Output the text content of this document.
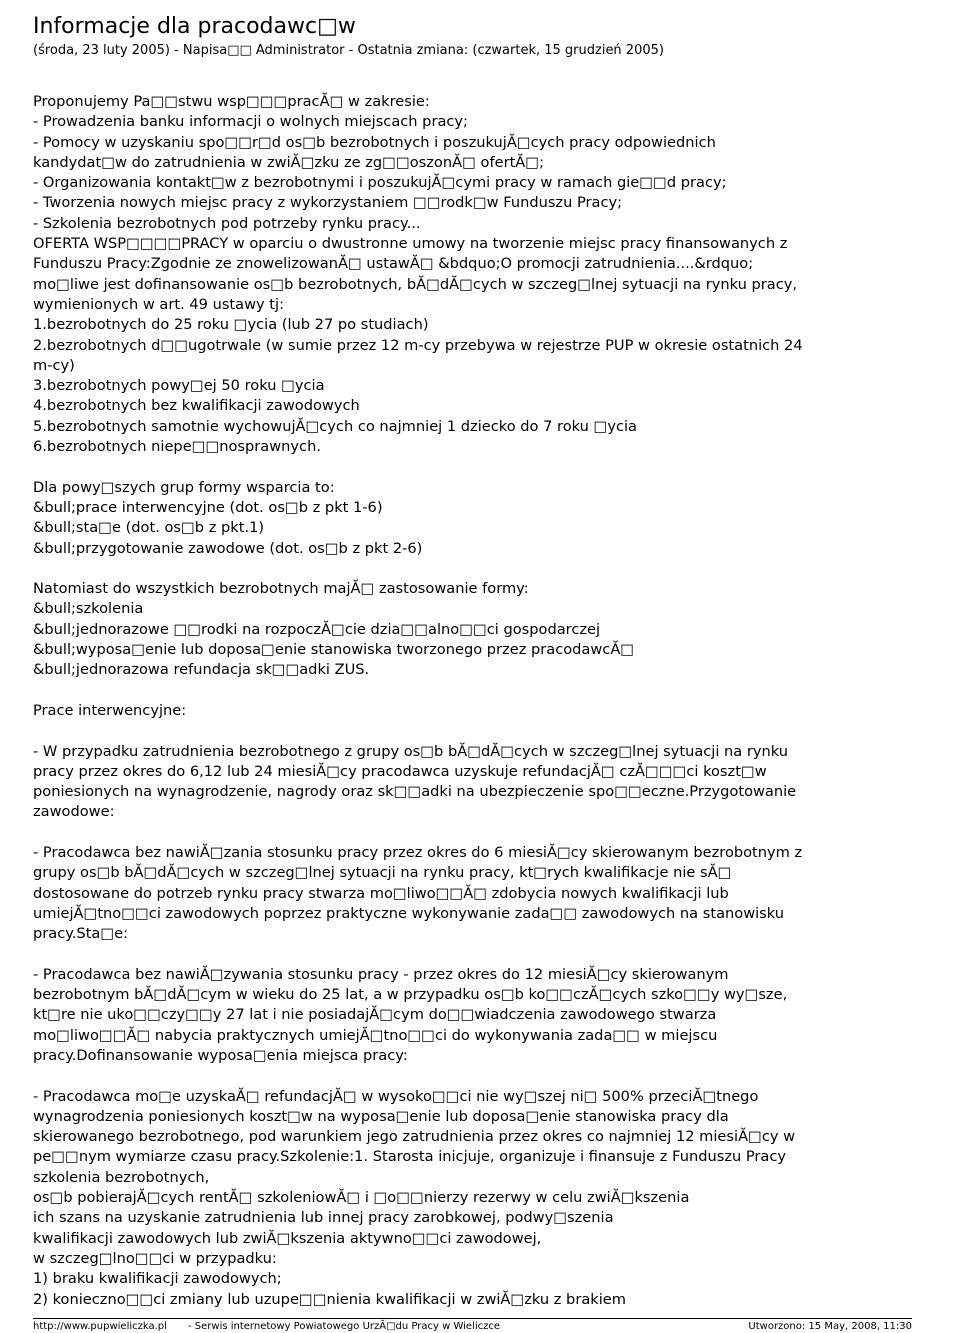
Informacje dla pracodawc□w
(środa, 23 luty 2005) - Napisa□□ Administrator - Ostatnia zmiana: (czwartek, 15 grudzień 2005)
Proponujemy Pa□□stwu wsp□□□pracĂ□ w zakresie:
- Prowadzenia banku informacji o wolnych miejscach pracy;
- Pomocy w uzyskaniu spo□□r□d os□b bezrobotnych i poszukujĂ□cych pracy odpowiednich
kandydat□w do zatrudnienia w zwiĂ□zku ze zg□□oszonĂ□ ofertĂ□;
- Organizowania kontakt□w z bezrobotnymi i poszukujĂ□cymi pracy w ramach gie□□d pracy;
- Tworzenia nowych miejsc pracy z wykorzystaniem □□rodk□w Funduszu Pracy;
- Szkolenia bezrobotnych pod potrzeby rynku pracy...
OFERTA WSP□□□□PRACY w oparciu o dwustronne umowy na tworzenie miejsc pracy finansowanych z
Funduszu Pracy:Zgodnie ze znowelizowanĂ□ ustawĂ□ &bdquo;O promocji zatrudnienia....&rdquo;
mo□liwe jest dofinansowanie os□b bezrobotnych, bĂ□dĂ□cych w szczeg□lnej sytuacji na rynku pracy,
wymienionych w art. 49 ustawy tj:
1.bezrobotnych do 25 roku □ycia (lub 27 po studiach)
2.bezrobotnych d□□ugotrwale (w sumie przez 12 m-cy przebywa w rejestrze PUP w okresie ostatnich 24
m-cy)
3.bezrobotnych powy□ej 50 roku □ycia
4.bezrobotnych bez kwalifikacji zawodowych
5.bezrobotnych samotnie wychowujĂ□cych co najmniej 1 dziecko do 7 roku □ycia
6.bezrobotnych niepe□□nosprawnych.
Dla powy□szych grup formy wsparcia to:
&bull;prace interwencyjne (dot. os□b z pkt 1-6)
&bull;sta□e (dot. os□b z pkt.1)
&bull;przygotowanie zawodowe (dot. os□b z pkt 2-6)
Natomiast do wszystkich bezrobotnych majĂ□ zastosowanie formy:
&bull;szkolenia
&bull;jednorazowe □□rodki na rozpoczĂ□cie dzia□□alno□□ci gospodarczej
&bull;wyposa□enie lub doposa□enie stanowiska tworzonego przez pracodawcĂ□
&bull;jednorazowa refundacja sk□□adki ZUS.
Prace interwencyjne:
- W przypadku zatrudnienia bezrobotnego z grupy os□b bĂ□dĂ□cych w szczeg□lnej sytuacji na rynku
pracy przez okres do 6,12 lub 24 miesiĂ□cy pracodawca uzyskuje refundacjĂ□ czĂ□□□ci koszt□w
poniesionych na wynagrodzenie, nagrody oraz sk□□adki na ubezpieczenie spo□□eczne.Przygotowanie
zawodowe:
- Pracodawca bez nawiĂ□zania stosunku pracy przez okres do 6 miesiĂ□cy skierowanym bezrobotnym z
grupy os□b bĂ□dĂ□cych w szczeg□lnej sytuacji na rynku pracy, kt□rych kwalifikacje nie sĂ□
dostosowane do potrzeb rynku pracy stwarza mo□liwo□□Ă□ zdobycia nowych kwalifikacji lub
umiejĂ□tno□□ci zawodowych poprzez praktyczne wykonywanie zada□□ zawodowych na stanowisku
pracy.Sta□e:
- Pracodawca bez nawiĂ□zywania stosunku pracy - przez okres do 12 miesiĂ□cy skierowanym
bezrobotnym bĂ□dĂ□cym w wieku do 25 lat, a w przypadku os□b ko□□czĂ□cych szko□□y wy□sze,
kt□re nie uko□□czy□□y 27 lat i nie posiadajĂ□cym do□□wiadczenia zawodowego stwarza
mo□liwo□□Ă□ nabycia praktycznych umiejĂ□tno□□ci do wykonywania zada□□ w miejscu
pracy.Dofinansowanie wyposa□enia miejsca pracy:
- Pracodawca mo□e uzyskaĂ□ refundacjĂ□ w wysoko□□ci nie wy□szej ni□ 500% przeciĂ□tnego
wynagrodzenia poniesionych koszt□w na wyposa□enie lub doposa□enie stanowiska pracy dla
skierowanego bezrobotnego, pod warunkiem jego zatrudnienia przez okres co najmniej 12 miesiĂ□cy w
pe□□nym wymiarze czasu pracy.Szkolenie:1. Starosta inicjuje, organizuje i finansuje z Funduszu Pracy
szkolenia bezrobotnych,
os□b pobierajĂ□cych rentĂ□ szkoleniowĂ□ i □o□□nierzy rezerwy w celu zwiĂ□kszenia
ich szans na uzyskanie zatrudnienia lub innej pracy zarobkowej, podwy□szenia
kwalifikacji zawodowych lub zwiĂ□kszenia aktywno□□ci zawodowej,
w szczeg□lno□□ci w przypadku:
1) braku kwalifikacji zawodowych;
2) konieczno□□ci zmiany lub uzupe□□nienia kwalifikacji w zwiĂ□zku z brakiem
http://www.pupwieliczka.pl - Serwis internetowy Powiatowego UrzĂ□du Pracy w Wieliczce	Utworzono: 15 May, 2008, 11:30
